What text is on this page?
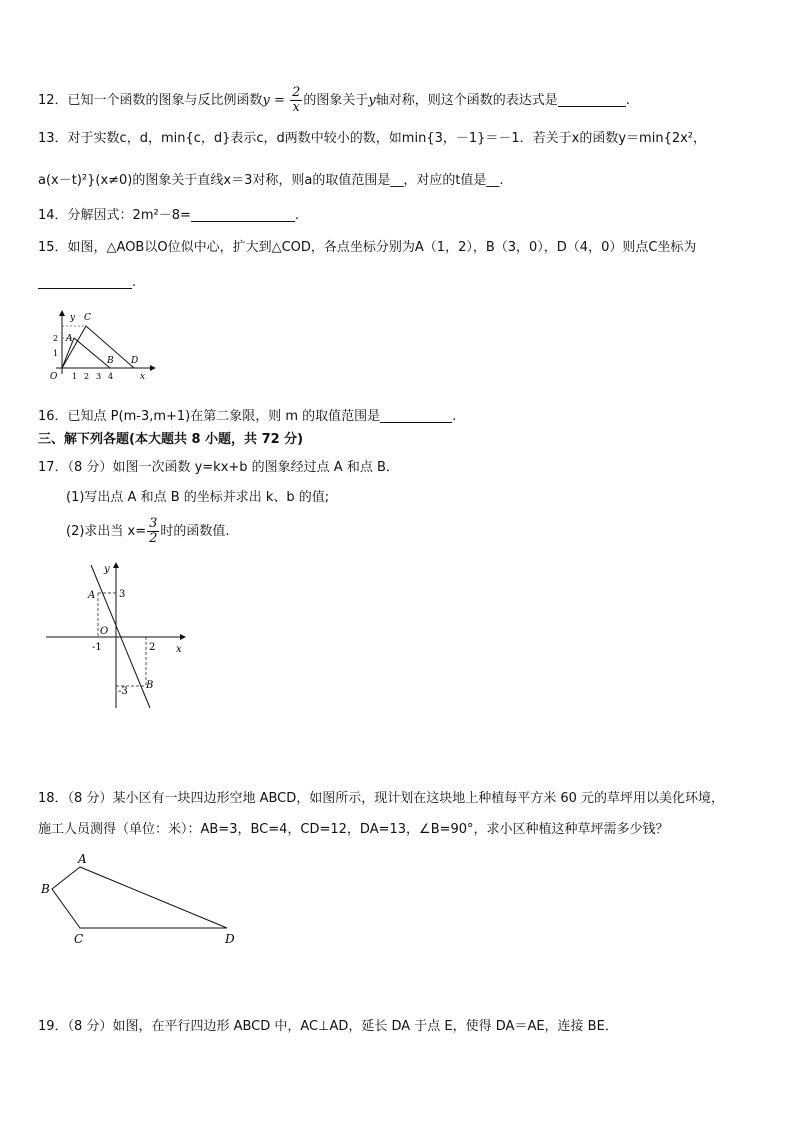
12．已知一个函数的图象与反比例函数$y = \frac{2}{x}$ 的图象关于y轴对称，则这个函数的表达式是	.
13．对于实数c，d，min{c，d}表示c，d两数中较小的数，如min{3，－1}＝－1．若关于x的函数y＝min{2x²，
a(x－t)²}(x≠0)的图象关于直线x＝3对称，则a的取值范围是__，对应的t值是__.
14．分解因式：2m²－8=	.
15．如图，△AOB以O位似中心，扩大到△COD，各点坐标分别为A（1，2），B（3，0），D（4，0）则点C坐标为
.
y C
A
B D
O	x
1 2 3 4
1
2
16．已知点 P(m-3,m+1)在第二象限，则 m 的取值范围是	.
三、解下列各题(本大题共 8 小题，共 72 分)
17．（8 分）如图一次函数 y=kx+b 的图象经过点 A 和点 B．
(1)写出点 A 和点 B 的坐标并求出 k、b 的值;
(2)求出当 $x= \frac{3}{2}$ 时的函数值.
y
A 3
O
-1	2 x
-3
B
18．（8 分）某小区有一块四边形空地 ABCD，如图所示，现计划在这块地上种植每平方米 60 元的草坪用以美化环境，
施工人员测得（单位：米）：AB=3，BC=4，CD=12，DA=13，∠B=90°，求小区种植这种草坪需多少钱？
A
B
C	D
19．（8 分）如图，在平行四边形 ABCD 中，AC⊥AD，延长 DA 于点 E，使得 DA＝AE，连接 BE．
